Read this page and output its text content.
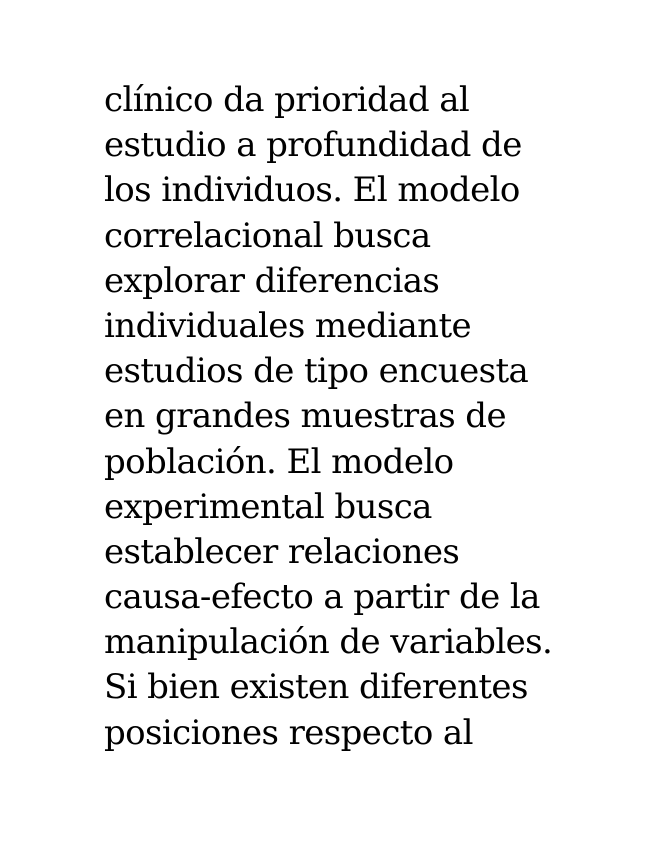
clínico da prioridad al
estudio a profundidad de
los individuos. El modelo
correlacional busca
explorar diferencias
individuales mediante
estudios de tipo encuesta
en grandes muestras de
población. El modelo
experimental busca
establecer relaciones
causa-efecto a partir de la
manipulación de variables.
Si bien existen diferentes
posiciones respecto al
